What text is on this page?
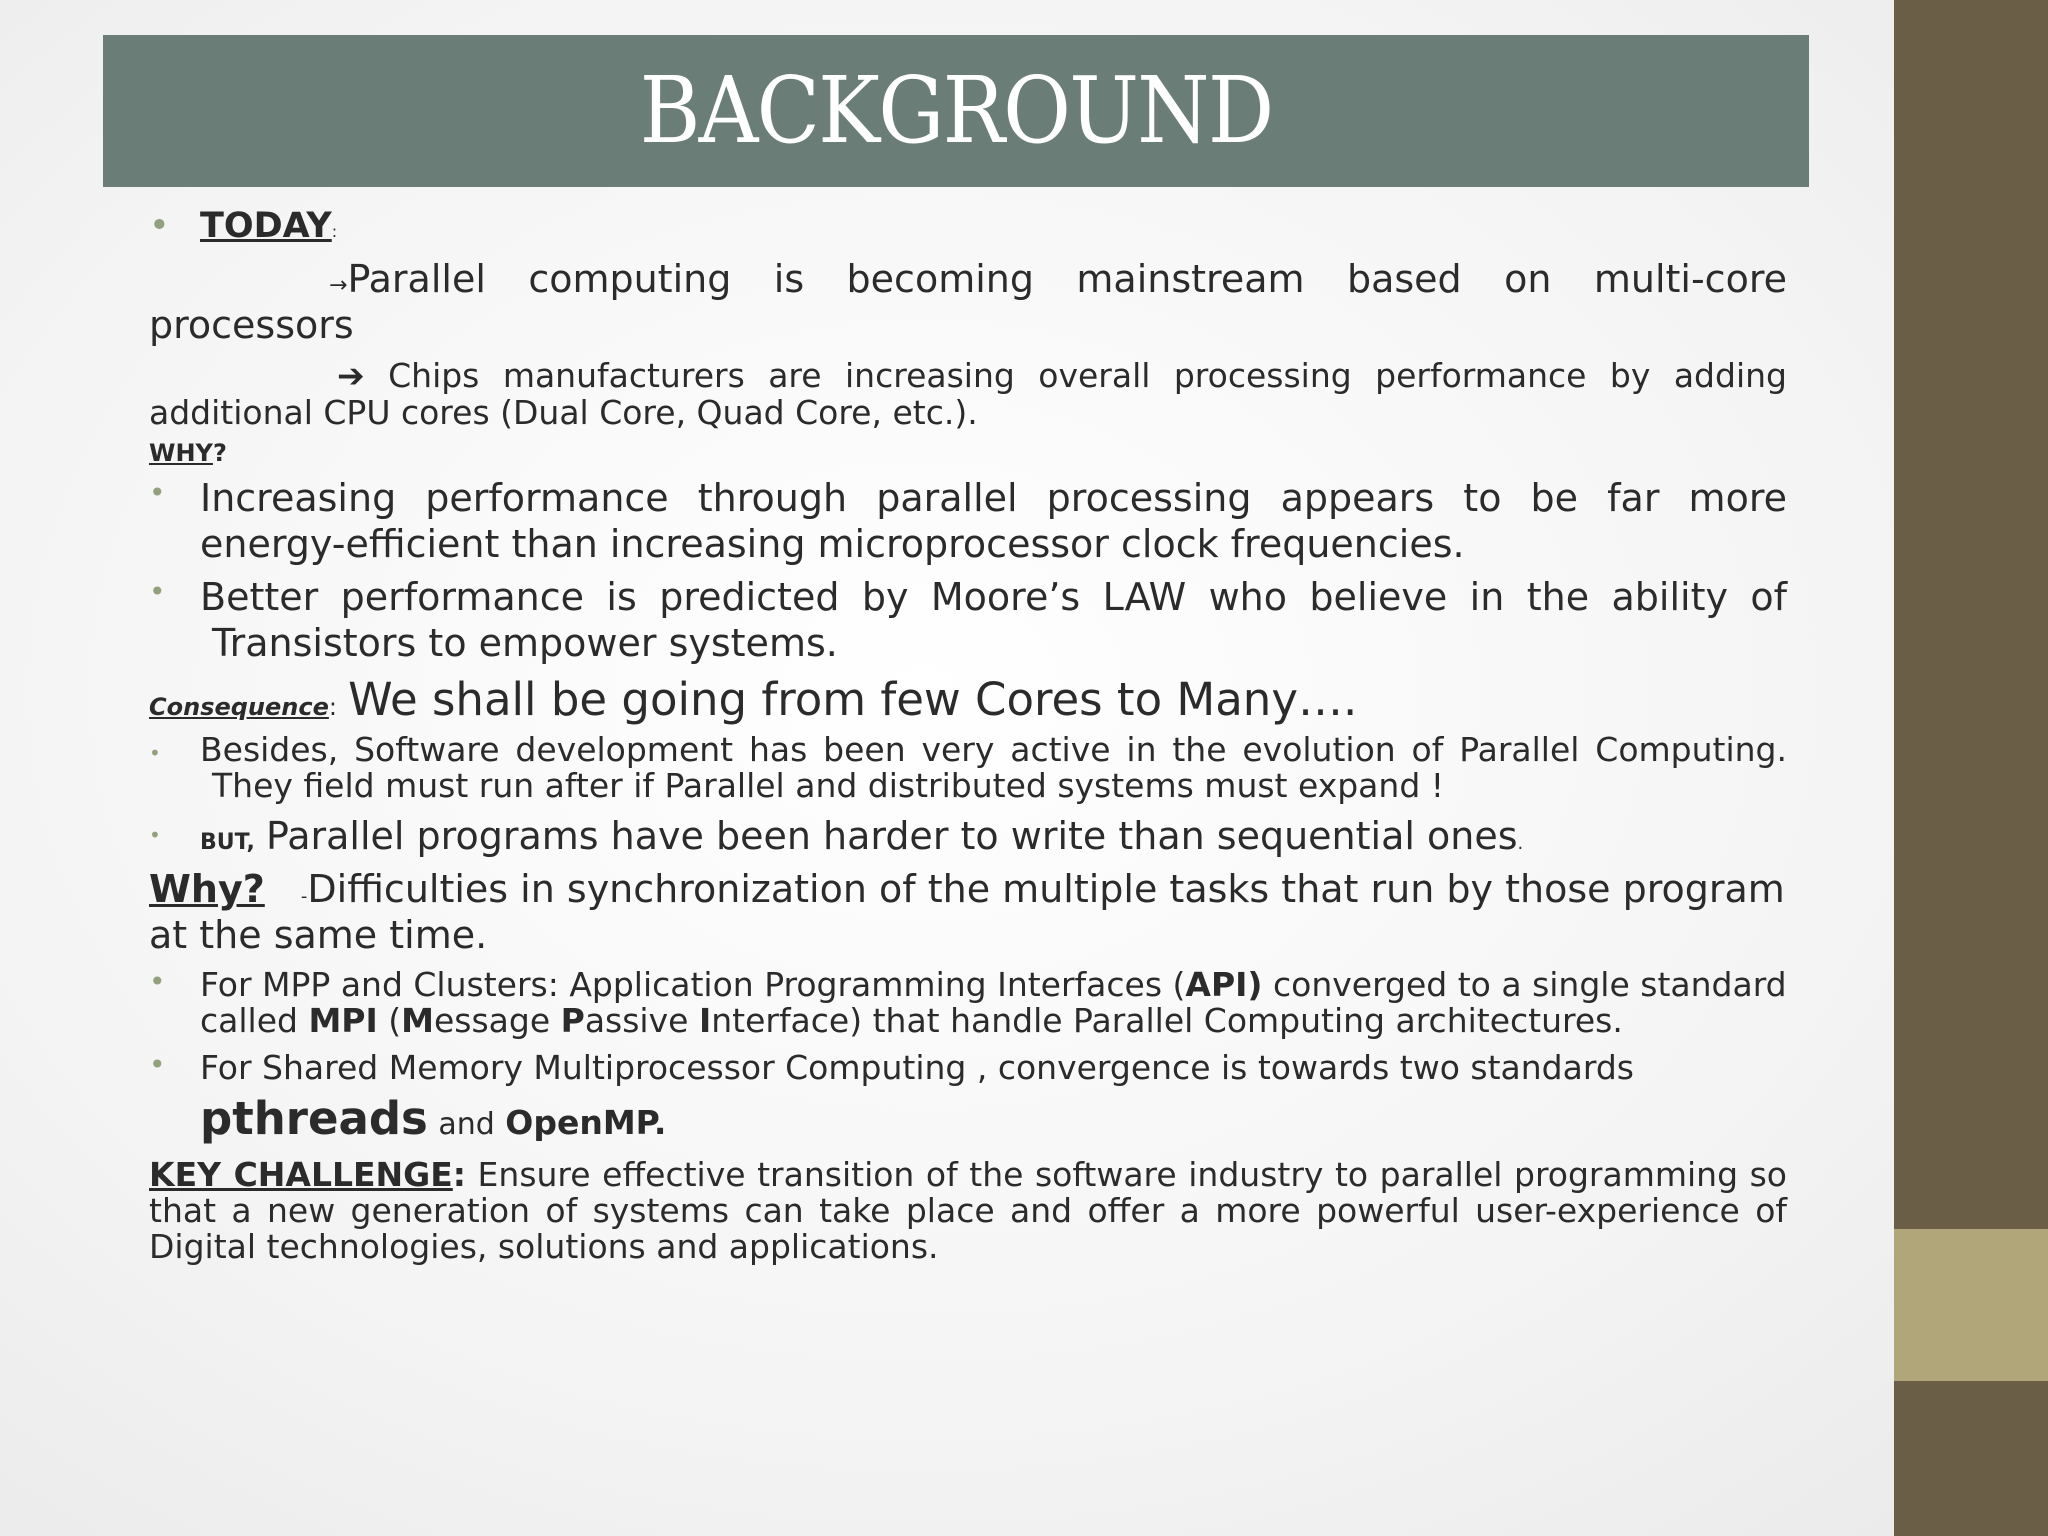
BACKGROUND
• TODAY:
→Parallel computing is becoming mainstream based on multi-core processors
➔ Chips manufacturers are increasing overall processing performance by adding additional CPU cores (Dual Core, Quad Core, etc.).
WHY?
• Increasing performance through parallel processing appears to be far more energy-efficient than increasing microprocessor clock frequencies.
• Better performance is predicted by Moore’s LAW who believe in the ability of Transistors to empower systems.
Consequence: We shall be going from few Cores to Many….
• Besides, Software development has been very active in the evolution of Parallel Computing. They field must run after if Parallel and distributed systems must expand !
• BUT, Parallel programs have been harder to write than sequential ones.
Why? -Difficulties in synchronization of the multiple tasks that run by those program at the same time.
• For MPP and Clusters: Application Programming Interfaces (API) converged to a single standard called MPI (Message Passive Interface) that handle Parallel Computing architectures.
• For Shared Memory Multiprocessor Computing , convergence is towards two standards pthreads and OpenMP.
KEY CHALLENGE: Ensure effective transition of the software industry to parallel programming so that a new generation of systems can take place and offer a more powerful user-experience of Digital technologies, solutions and applications.
